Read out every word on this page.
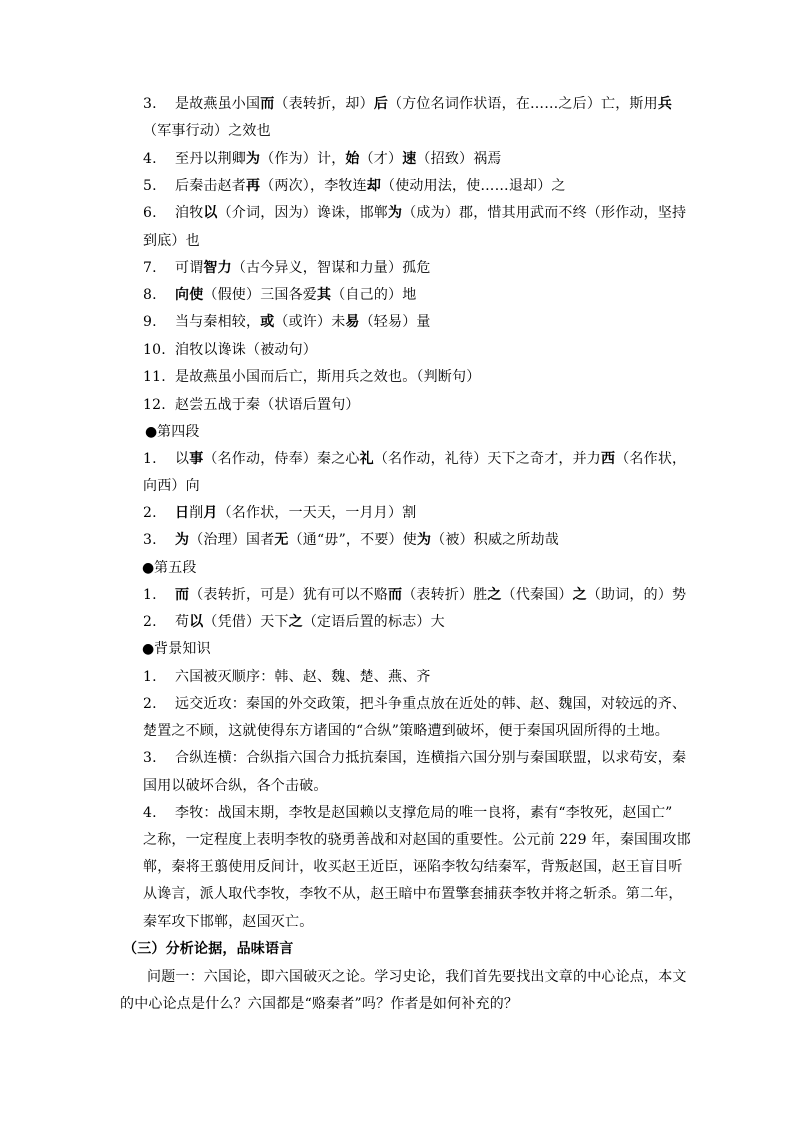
3.	是故燕虽小国而（表转折，却）后（方位名词作状语，在……之后）亡，斯用兵
（军事行动）之效也
4.	至丹以荆卿为（作为）计，始（才）速（招致）祸焉
5.	后秦击赵者再（两次），李牧连却（使动用法，使……退却）之
6.	洎牧以（介词，因为）谗诛，邯郸为（成为）郡，惜其用武而不终（形作动，坚持
到底）也
7.	可谓智力（古今异义，智谋和力量）孤危
8.	向使（假使）三国各爱其（自己的）地
9.	当与秦相较，或（或许）未易（轻易）量
10. 洎牧以谗诛（被动句）
11. 是故燕虽小国而后亡，斯用兵之效也。（判断句）
12. 赵尝五战于秦（状语后置句）
●第四段
1.	以事（名作动，侍奉）秦之心礼（名作动，礼待）天下之奇才，并力西（名作状，
向西）向
2.	日削月（名作状，一天天，一月月）割
3.	为（治理）国者无（通“毋”，不要）使为（被）积威之所劫哉
●第五段
1.	而（表转折，可是）犹有可以不赂而（表转折）胜之（代秦国）之（助词，的）势
2.	苟以（凭借）天下之（定语后置的标志）大
●背景知识
1.	六国被灭顺序：韩、赵、魏、楚、燕、齐
2.	远交近攻：秦国的外交政策，把斗争重点放在近处的韩、赵、魏国，对较远的齐、
楚置之不顾，这就使得东方诸国的“合纵”策略遭到破坏，便于秦国巩固所得的土地。
3.	合纵连横：合纵指六国合力抵抗秦国，连横指六国分别与秦国联盟，以求苟安，秦
国用以破坏合纵，各个击破。
4.	李牧：战国末期，李牧是赵国赖以支撑危局的唯一良将，素有“李牧死，赵国亡”
之称，一定程度上表明李牧的骁勇善战和对赵国的重要性。公元前 229 年，秦国围攻邯
郸，秦将王翦使用反间计，收买赵王近臣，诬陷李牧勾结秦军，背叛赵国，赵王盲目听
从谗言，派人取代李牧，李牧不从，赵王暗中布置擎套捕获李牧并将之斩杀。第二年，
秦军攻下邯郸，赵国灭亡。
（三）分析论据，品味语言
问题一：六国论，即六国破灭之论。学习史论，我们首先要找出文章的中心论点，本文
的中心论点是什么？六国都是“赂秦者”吗？作者是如何补充的？
